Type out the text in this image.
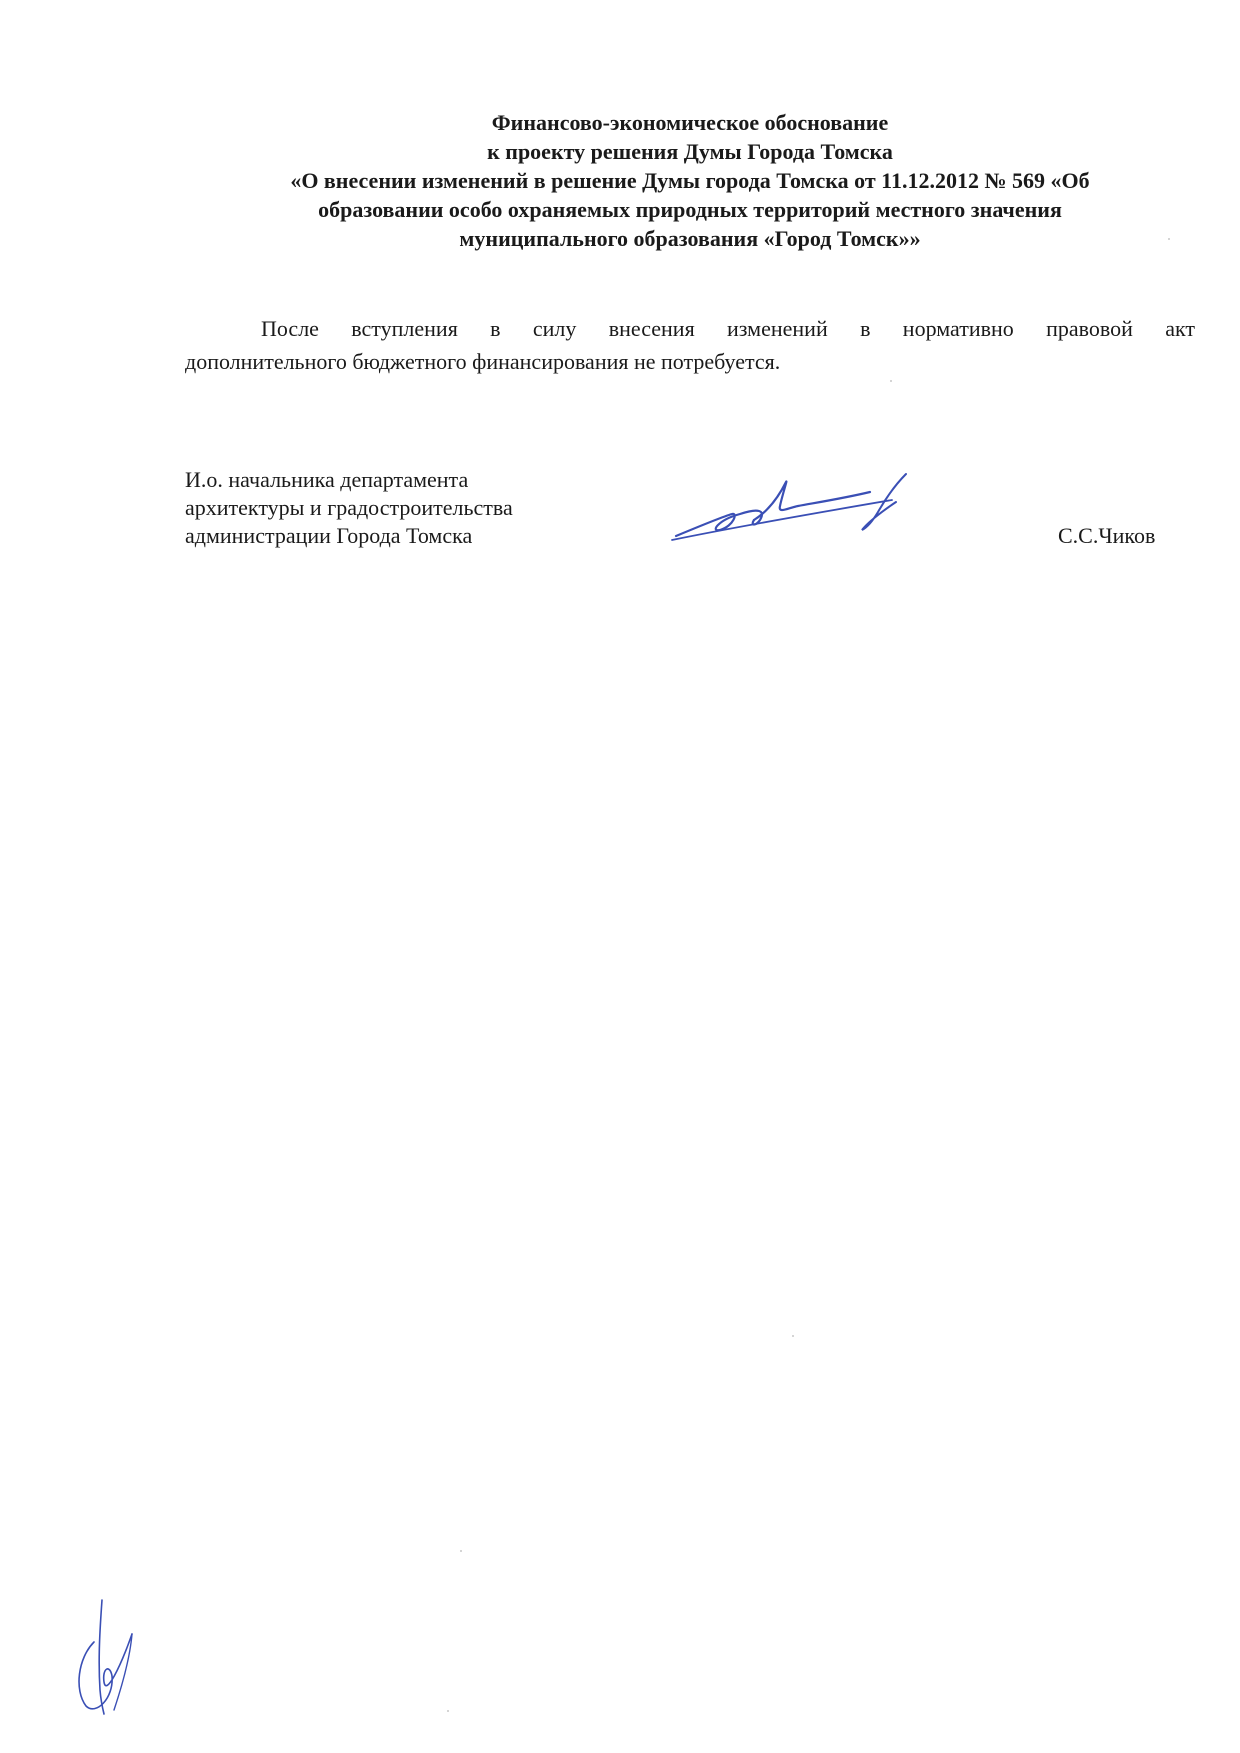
Финансово-экономическое обоснование
к проекту решения Думы Города Томска
«О внесении изменений в решение Думы города Томска от 11.12.2012 № 569 «Об
образовании особо охраняемых природных территорий местного значения
муниципального образования «Город Томск»»
После вступления в силу внесения изменений в нормативно правовой акт
дополнительного бюджетного финансирования не потребуется.
И.о. начальника департамента
архитектуры и градостроительства
администрации Города Томска	С.С.Чиков
